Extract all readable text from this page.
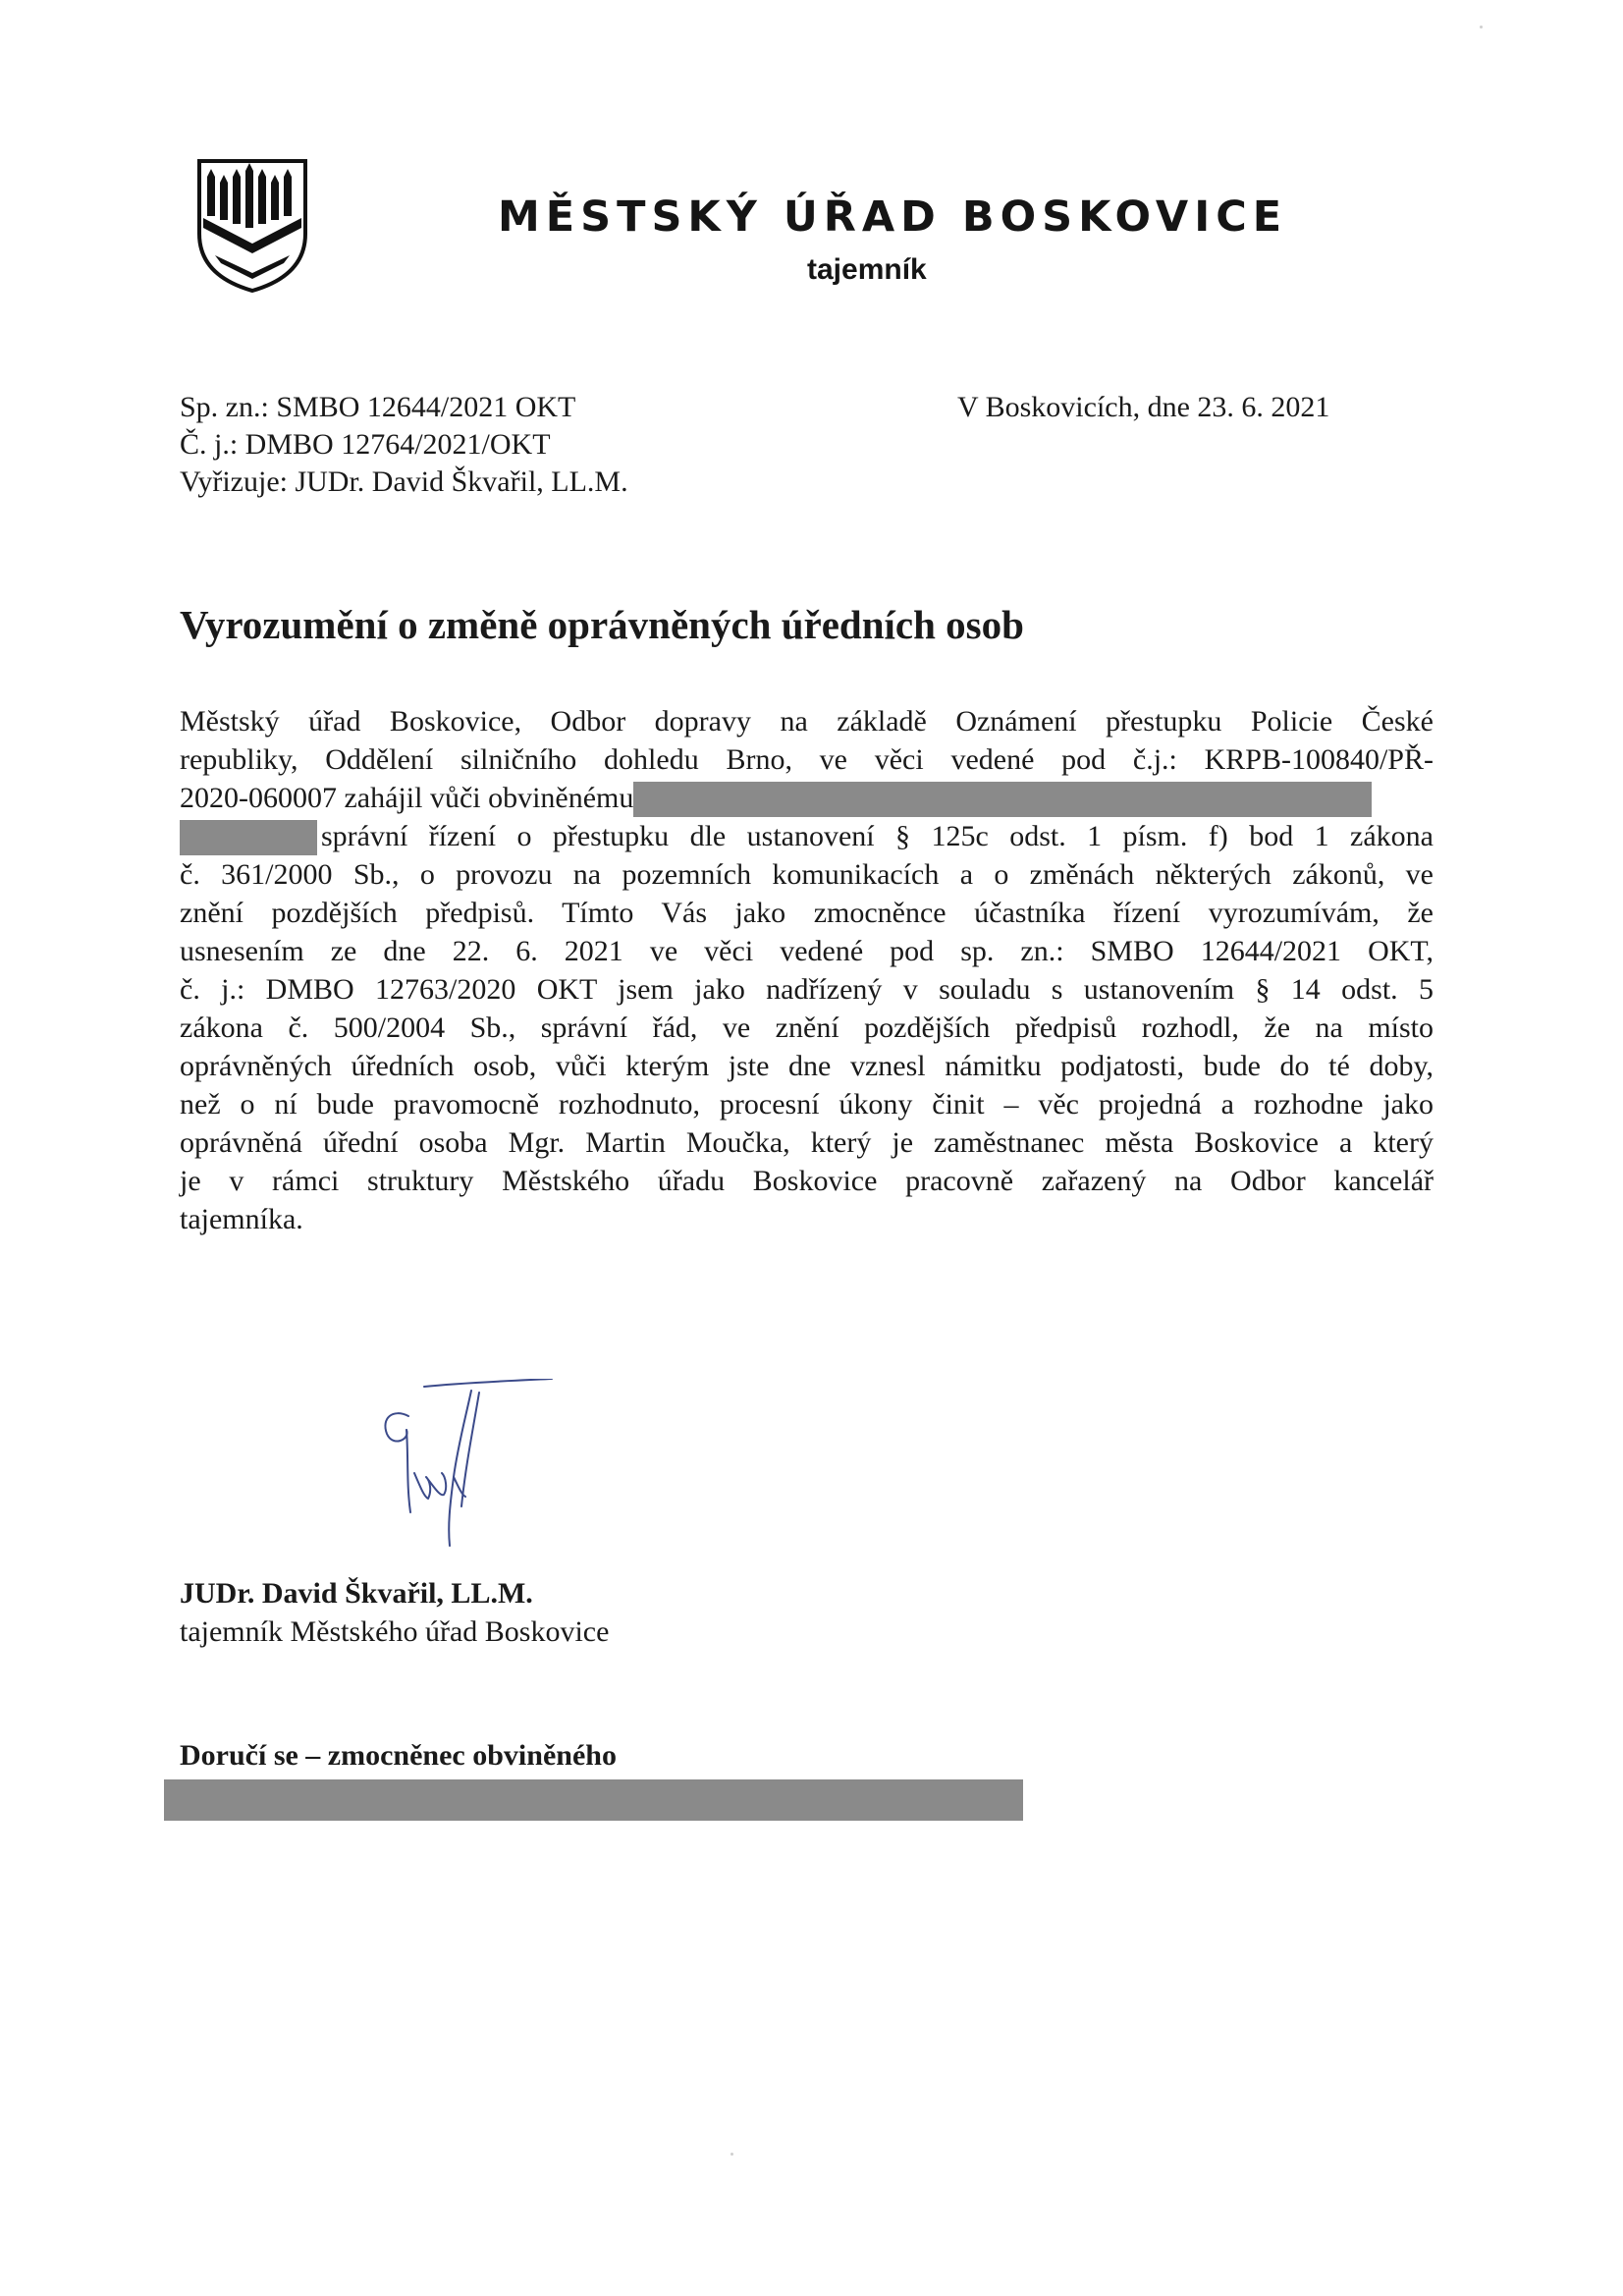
MĚSTSKÝ ÚŘAD BOSKOVICE
tajemník
Sp. zn.: SMBO 12644/2021 OKT
Č. j.: DMBO 12764/2021/OKT
Vyřizuje: JUDr. David Škvařil, LL.M.
V Boskovicích, dne 23. 6. 2021
Vyrozumění o změně oprávněných úředních osob
Městský úřad Boskovice, Odbor dopravy na základě Oznámení přestupku Policie České
republiky, Oddělení silničního dohledu Brno, ve věci vedené pod č.j.: KRPB-100840/PŘ-
2020-060007 zahájil vůči obviněnému
správní řízení o přestupku dle ustanovení § 125c odst. 1 písm. f) bod 1 zákona
č. 361/2000 Sb., o provozu na pozemních komunikacích a o změnách některých zákonů, ve
znění pozdějších předpisů. Tímto Vás jako zmocněnce účastníka řízení vyrozumívám, že
usnesením ze dne 22. 6. 2021 ve věci vedené pod sp. zn.: SMBO 12644/2021 OKT,
č. j.: DMBO 12763/2020 OKT jsem jako nadřízený v souladu s ustanovením § 14 odst. 5
zákona č. 500/2004 Sb., správní řád, ve znění pozdějších předpisů rozhodl, že na místo
oprávněných úředních osob, vůči kterým jste dne vznesl námitku podjatosti, bude do té doby,
než o ní bude pravomocně rozhodnuto, procesní úkony činit – věc projedná a rozhodne jako
oprávněná úřední osoba Mgr. Martin Moučka, který je zaměstnanec města Boskovice a který
je v rámci struktury Městského úřadu Boskovice pracovně zařazený na Odbor kancelář
tajemníka.
JUDr. David Škvařil, LL.M.
tajemník Městského úřad Boskovice
Doručí se – zmocněnec obviněného
